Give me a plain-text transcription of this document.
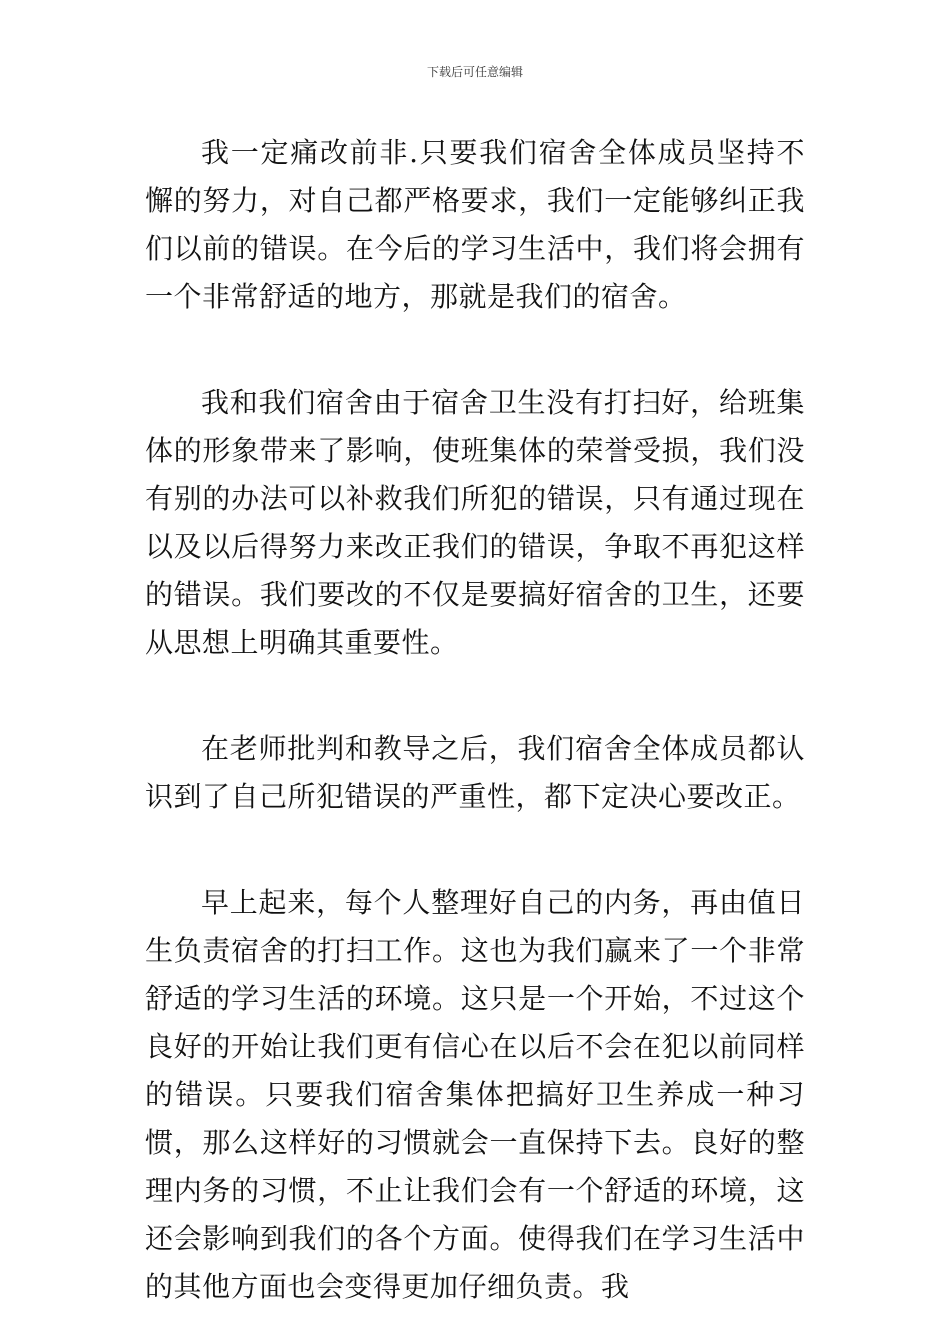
下载后可任意编辑

我一定痛改前非.只要我们宿舍全体成员坚持不懈的努力，对自己都严格要求，我们一定能够纠正我们以前的错误。在今后的学习生活中，我们将会拥有一个非常舒适的地方，那就是我们的宿舍。

我和我们宿舍由于宿舍卫生没有打扫好，给班集体的形象带来了影响，使班集体的荣誉受损，我们没有别的办法可以补救我们所犯的错误，只有通过现在以及以后得努力来改正我们的错误，争取不再犯这样的错误。我们要改的不仅是要搞好宿舍的卫生，还要从思想上明确其重要性。

在老师批判和教导之后，我们宿舍全体成员都认识到了自己所犯错误的严重性，都下定决心要改正。

早上起来，每个人整理好自己的内务，再由值日生负责宿舍的打扫工作。这也为我们赢来了一个非常舒适的学习生活的环境。这只是一个开始，不过这个良好的开始让我们更有信心在以后不会在犯以前同样的错误。只要我们宿舍集体把搞好卫生养成一种习惯，那么这样好的习惯就会一直保持下去。良好的整理内务的习惯，不止让我们会有一个舒适的环境，这还会影响到我们的各个方面。使得我们在学习生活中的其他方面也会变得更加仔细负责。我
